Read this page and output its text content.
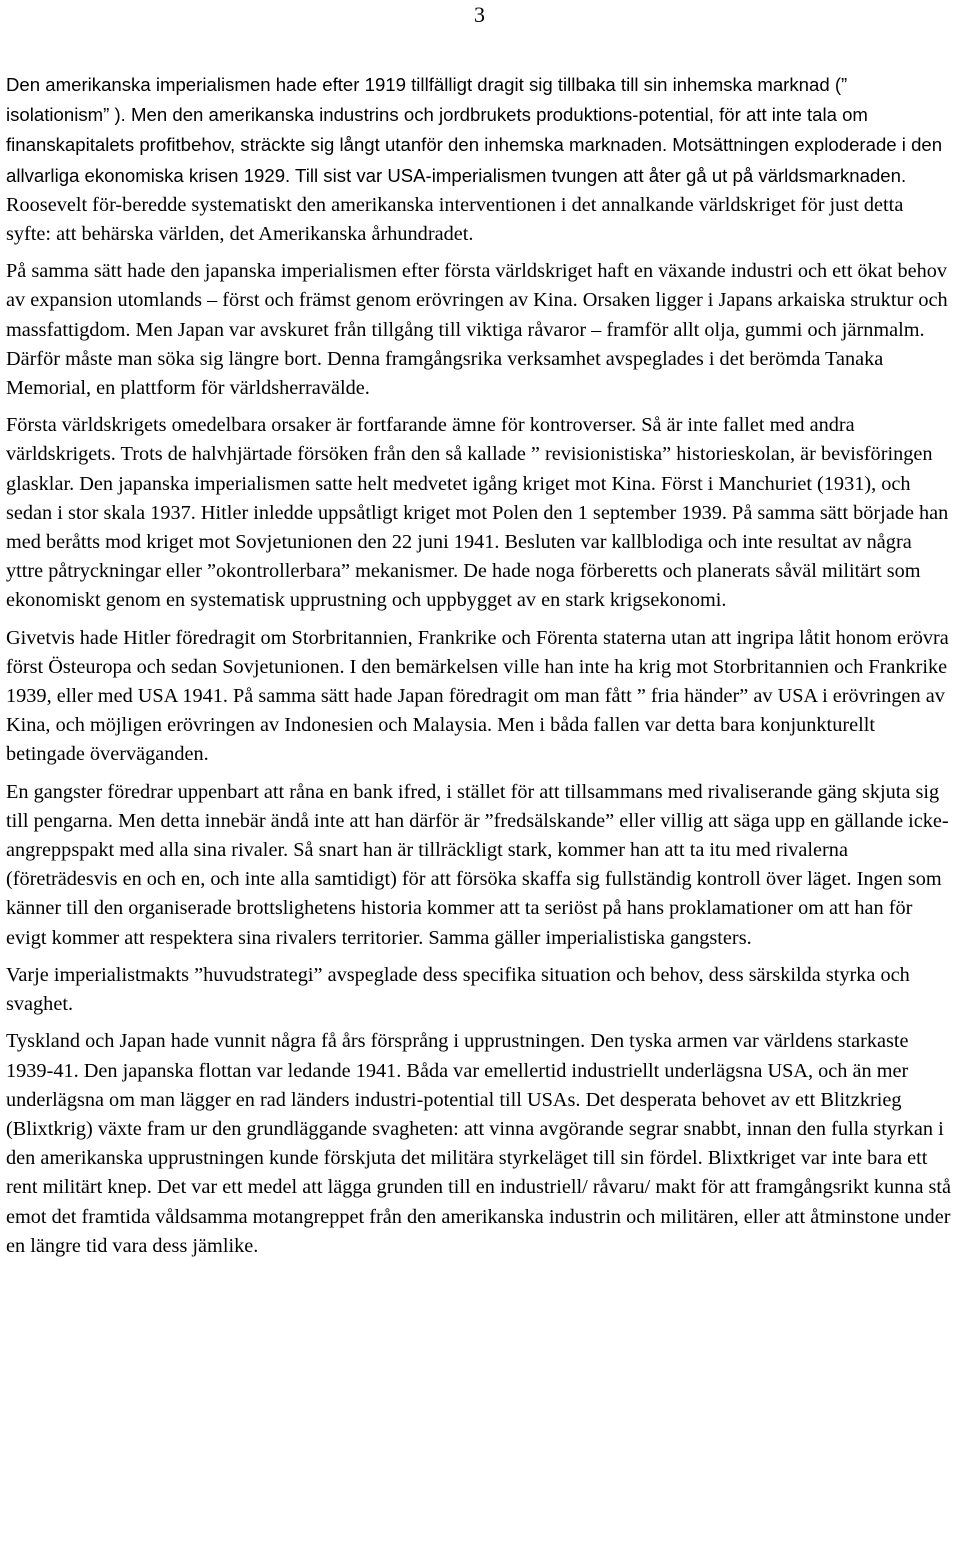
3

Den amerikanska imperialismen hade efter 1919 tillfälligt dragit sig tillbaka till sin inhemska marknad (” isolationism” ). Men den amerikanska industrins och jordbrukets produktions-potential, för att inte tala om finanskapitalets profitbehov, sträckte sig långt utanför den inhemska marknaden. Motsättningen exploderade i den allvarliga ekonomiska krisen 1929. Till sist var USA-imperialismen tvungen att åter gå ut på världsmarknaden. Roosevelt för-beredde systematiskt den amerikanska interventionen i det annalkande världskriget för just detta syfte: att behärska världen, det Amerikanska århundradet.

På samma sätt hade den japanska imperialismen efter första världskriget haft en växande industri och ett ökat behov av expansion utomlands – först och främst genom erövringen av Kina. Orsaken ligger i Japans arkaiska struktur och massfattigdom. Men Japan var avskuret från tillgång till viktiga råvaror – framför allt olja, gummi och järnmalm. Därför måste man söka sig längre bort. Denna framgångsrika verksamhet avspeglades i det berömda Tanaka Memorial, en plattform för världsherravälde.

Första världskrigets omedelbara orsaker är fortfarande ämne för kontroverser. Så är inte fallet med andra världskrigets. Trots de halvhjärtade försöken från den så kallade ” revisionistiska” historieskolan, är bevisföringen glasklar. Den japanska imperialismen satte helt medvetet igång kriget mot Kina. Först i Manchuriet (1931), och sedan i stor skala 1937. Hitler inledde uppsåtligt kriget mot Polen den 1 september 1939. På samma sätt började han med beråtts mod kriget mot Sovjetunionen den 22 juni 1941. Besluten var kallblodiga och inte resultat av några yttre påtryckningar eller ”okontrollerbara” mekanismer. De hade noga förberetts och planerats såväl militärt som ekonomiskt genom en systematisk upprustning och uppbygget av en stark krigsekonomi.

Givetvis hade Hitler föredragit om Storbritannien, Frankrike och Förenta staterna utan att ingripa låtit honom erövra först Östeuropa och sedan Sovjetunionen. I den bemärkelsen ville han inte ha krig mot Storbritannien och Frankrike 1939, eller med USA 1941. På samma sätt hade Japan föredragit om man fått ” fria händer” av USA i erövringen av Kina, och möjligen erövringen av Indonesien och Malaysia. Men i båda fallen var detta bara konjunkturellt betingade överväganden.

En gangster föredrar uppenbart att råna en bank ifred, i stället för att tillsammans med rivaliserande gäng skjuta sig till pengarna. Men detta innebär ändå inte att han därför är ”fredsälskande” eller villig att säga upp en gällande icke-angreppspakt med alla sina rivaler. Så snart han är tillräckligt stark, kommer han att ta itu med rivalerna (företrädesvis en och en, och inte alla samtidigt) för att försöka skaffa sig fullständig kontroll över läget. Ingen som känner till den organiserade brottslighetens historia kommer att ta seriöst på hans proklamationer om att han för evigt kommer att respektera sina rivalers territorier. Samma gäller imperialistiska gangsters.

Varje imperialistmakts ”huvudstrategi” avspeglade dess specifika situation och behov, dess särskilda styrka och svaghet.

Tyskland och Japan hade vunnit några få års försprång i upprustningen. Den tyska armen var världens starkaste 1939-41. Den japanska flottan var ledande 1941. Båda var emellertid industriellt underlägsna USA, och än mer underlägsna om man lägger en rad länders industri-potential till USAs. Det desperata behovet av ett Blitzkrieg (Blixtkrig) växte fram ur den grundläggande svagheten: att vinna avgörande segrar snabbt, innan den fulla styrkan i den amerikanska upprustningen kunde förskjuta det militära styrkeläget till sin fördel. Blixtkriget var inte bara ett rent militärt knep. Det var ett medel att lägga grunden till en industriell/ råvaru/ makt för att framgångsrikt kunna stå emot det framtida våldsamma motangreppet från den amerikanska industrin och militären, eller att åtminstone under en längre tid vara dess jämlike.
